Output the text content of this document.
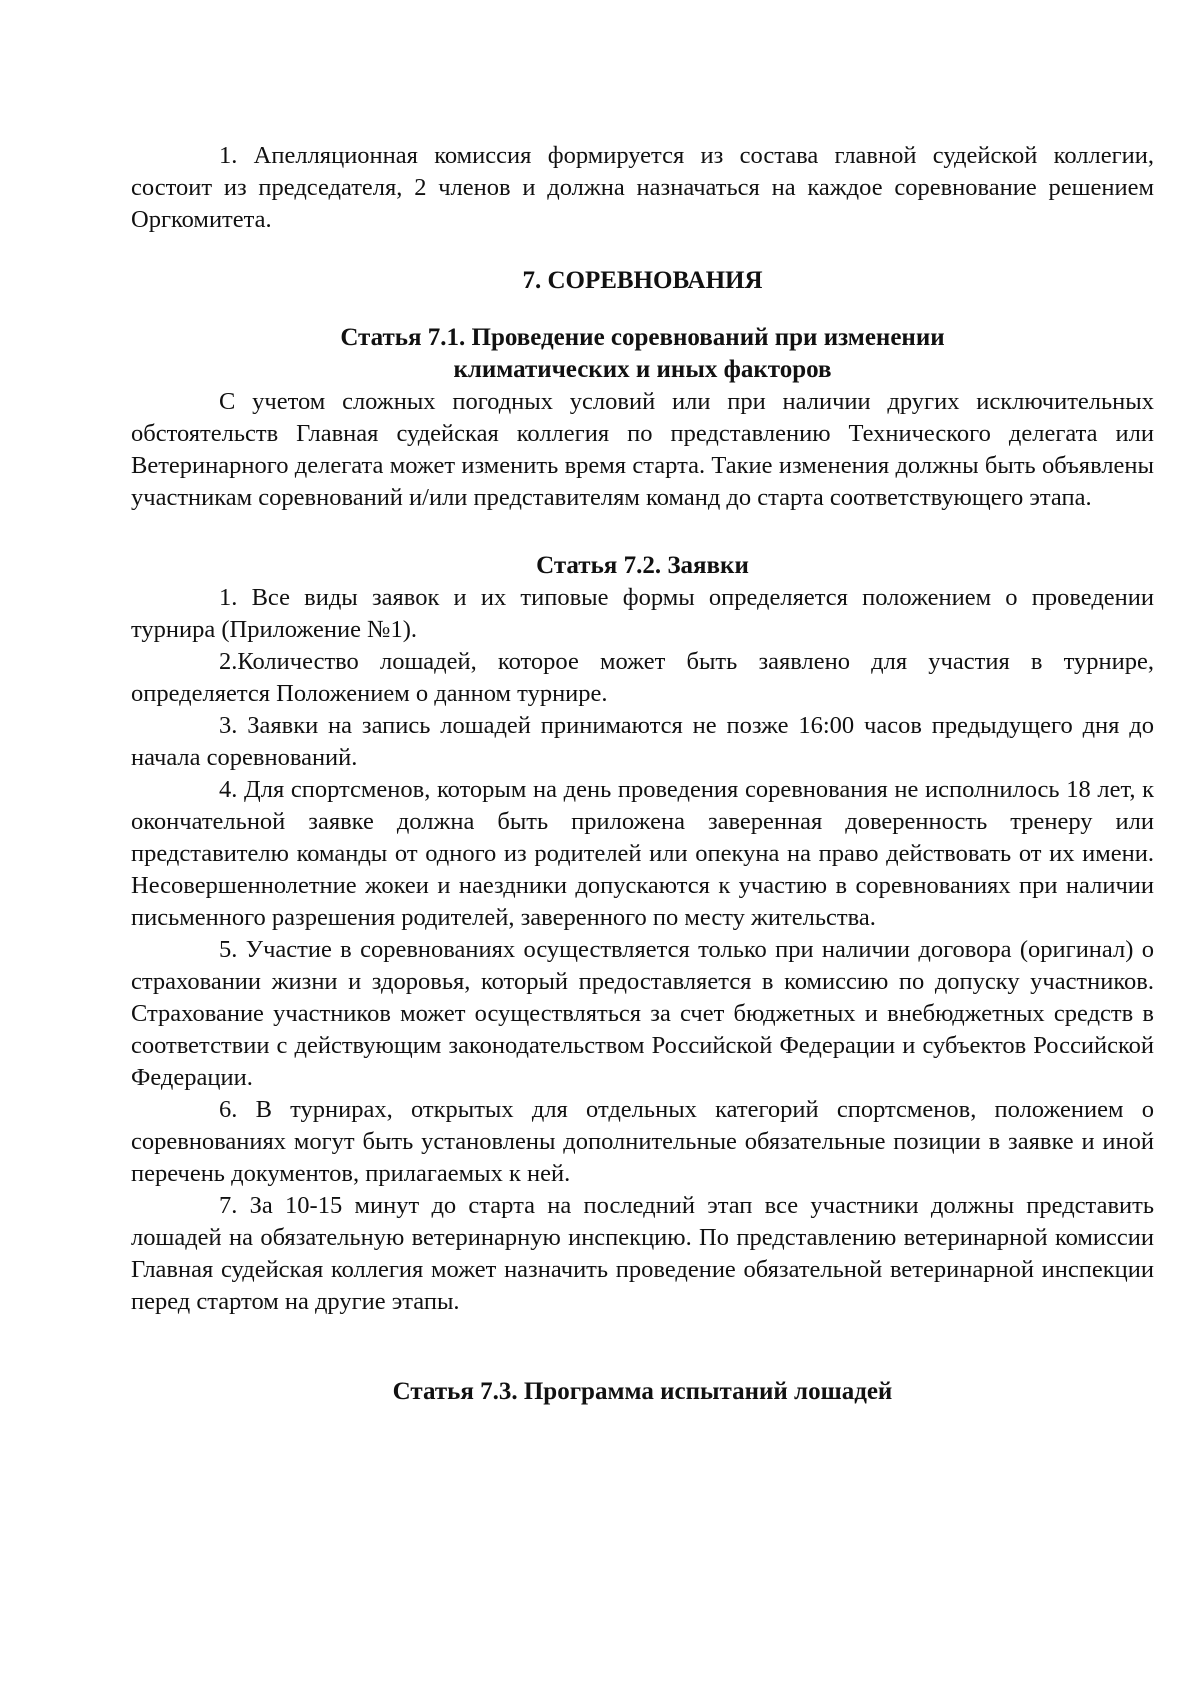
1. Апелляционная комиссия формируется из состава главной судейской коллегии, состоит из председателя, 2 членов и должна назначаться на каждое соревнование решением Оргкомитета.

7. СОРЕВНОВАНИЯ
Статья 7.1. Проведение соревнований при изменении
климатических и иных факторов

С учетом сложных погодных условий или при наличии других исключительных обстоятельств Главная судейская коллегия по представлению Технического делегата или Ветеринарного делегата может изменить время старта. Такие изменения должны быть объявлены участникам соревнований и/или представителям команд до старта соответствующего этапа.

Статья 7.2. Заявки

1. Все виды заявок и их типовые формы определяется положением о проведении турнира (Приложение №1).

2.Количество лошадей, которое может быть заявлено для участия в турнире, определяется Положением о данном турнире.

3. Заявки на запись лошадей принимаются не позже 16:00 часов предыдущего дня до начала соревнований.

4. Для спортсменов, которым на день проведения соревнования не исполнилось 18 лет, к окончательной заявке должна быть приложена заверенная доверенность тренеру или представителю команды от одного из родителей или опекуна на право действовать от их имени. Несовершеннолетние жокеи и наездники допускаются к участию в соревнованиях при наличии письменного разрешения родителей, заверенного по месту жительства.

5. Участие в соревнованиях осуществляется только при наличии договора (оригинал) о страховании жизни и здоровья, который предоставляется в комиссию по допуску участников. Страхование участников может осуществляться за счет бюджетных и внебюджетных средств в соответствии с действующим законодательством Российской Федерации и субъектов Российской Федерации.

6. В турнирах, открытых для отдельных категорий спортсменов, положением о соревнованиях могут быть установлены дополнительные обязательные позиции в заявке и иной перечень документов, прилагаемых к ней.

7. За 10-15 минут до старта на последний этап все участники должны представить лошадей на обязательную ветеринарную инспекцию. По представлению ветеринарной комиссии Главная судейская коллегия может назначить проведение обязательной ветеринарной инспекции перед стартом на другие этапы.

Статья 7.3. Программа испытаний лошадей
